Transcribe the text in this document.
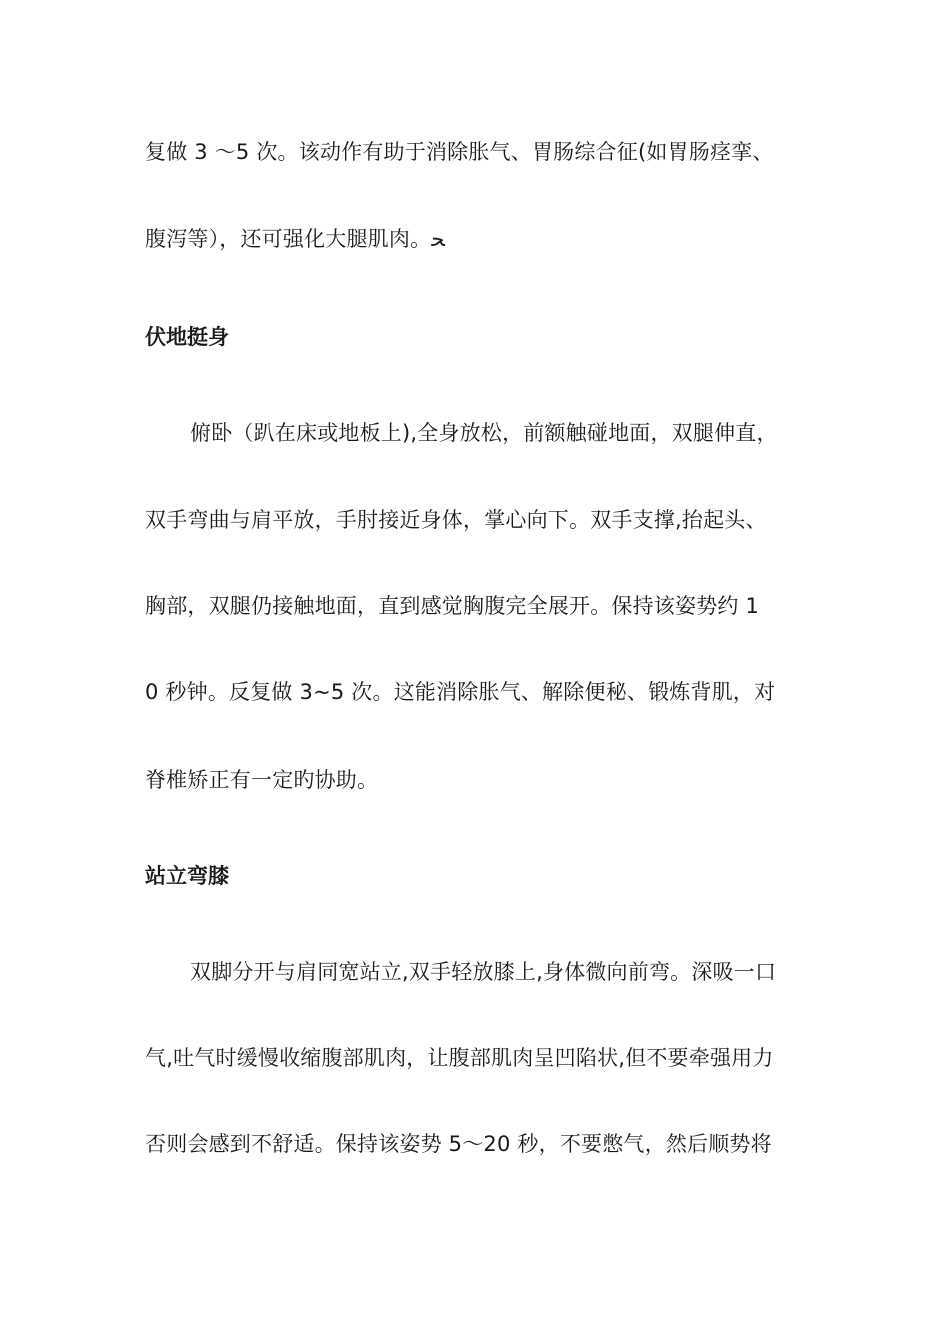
复做 3 ～5 次。该动作有助于消除胀气、胃肠综合征(如胃肠痉挛、
腹泻等），还可强化大腿肌肉。ﺤ
伏地挺身
俯卧（趴在床或地板上),全身放松，前额触碰地面，双腿伸直，
双手弯曲与肩平放，手肘接近身体，掌心向下。双手支撑,抬起头、
胸部，双腿仍接触地面，直到感觉胸腹完全展开。保持该姿势约 1
0 秒钟。反复做 3~5 次。这能消除胀气、解除便秘、锻炼背肌，对
脊椎矫正有一定旳协助。
站立弯膝
双脚分开与肩同宽站立,双手轻放膝上,身体微向前弯。深吸一口
气,吐气时缓慢收缩腹部肌肉，让腹部肌肉呈凹陷状,但不要牵强用力
否则会感到不舒适。保持该姿势 5～20 秒，不要憋气，然后顺势将
